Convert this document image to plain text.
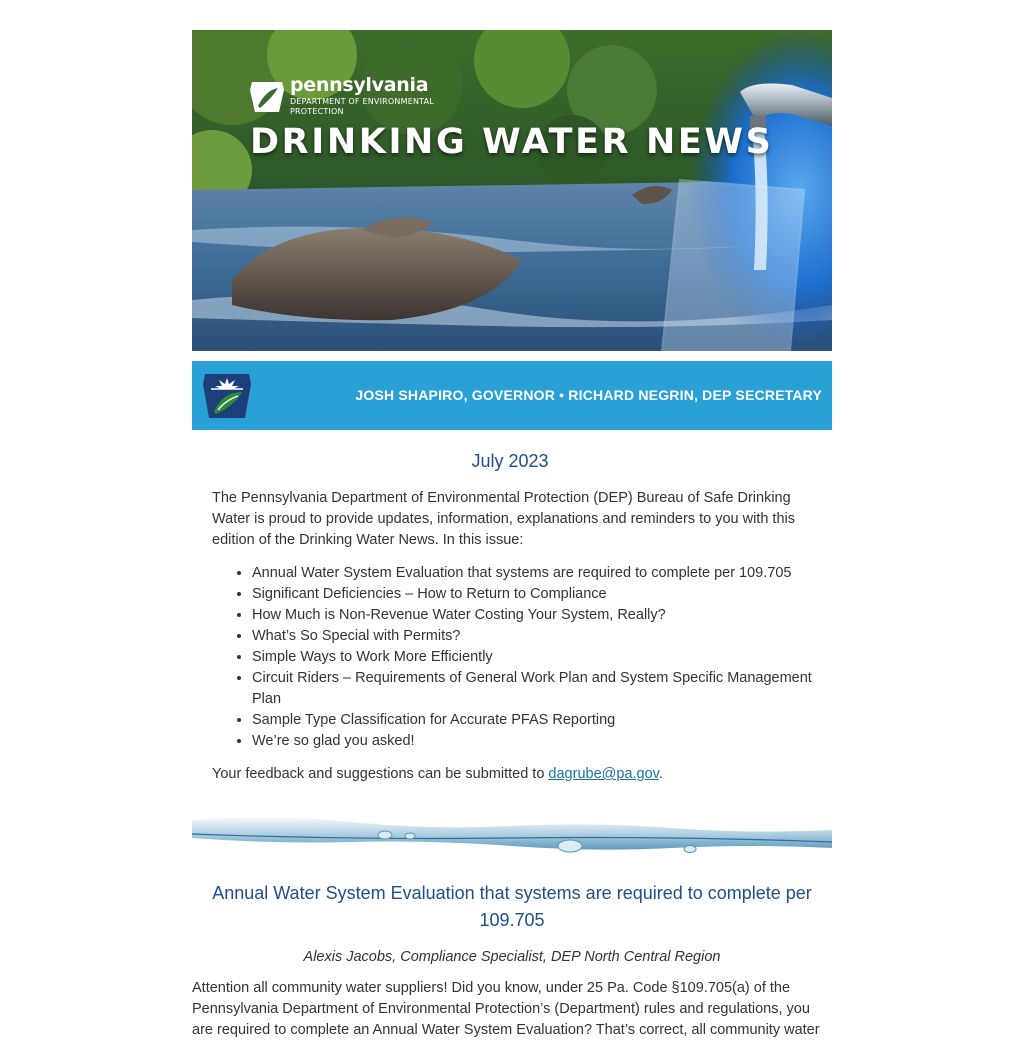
pennsylvania
DEPARTMENT OF ENVIRONMENTAL
PROTECTION
DRINKING WATER NEWS
JOSH SHAPIRO, GOVERNOR • RICHARD NEGRIN, DEP SECRETARY
July 2023
The Pennsylvania Department of Environmental Protection (DEP) Bureau of Safe Drinking Water is proud to provide updates, information, explanations and reminders to you with this edition of the Drinking Water News. In this issue:
• Annual Water System Evaluation that systems are required to complete per 109.705
• Significant Deficiencies – How to Return to Compliance
• How Much is Non-Revenue Water Costing Your System, Really?
• What’s So Special with Permits?
• Simple Ways to Work More Efficiently
• Circuit Riders – Requirements of General Work Plan and System Specific Management Plan
• Sample Type Classification for Accurate PFAS Reporting
• We’re so glad you asked!
Your feedback and suggestions can be submitted to dagrube@pa.gov.
Annual Water System Evaluation that systems are required to complete per 109.705
Alexis Jacobs, Compliance Specialist, DEP North Central Region
Attention all community water suppliers! Did you know, under 25 Pa. Code §109.705(a) of the Pennsylvania Department of Environmental Protection’s (Department) rules and regulations, you are required to complete an Annual Water System Evaluation? That’s correct, all community water
